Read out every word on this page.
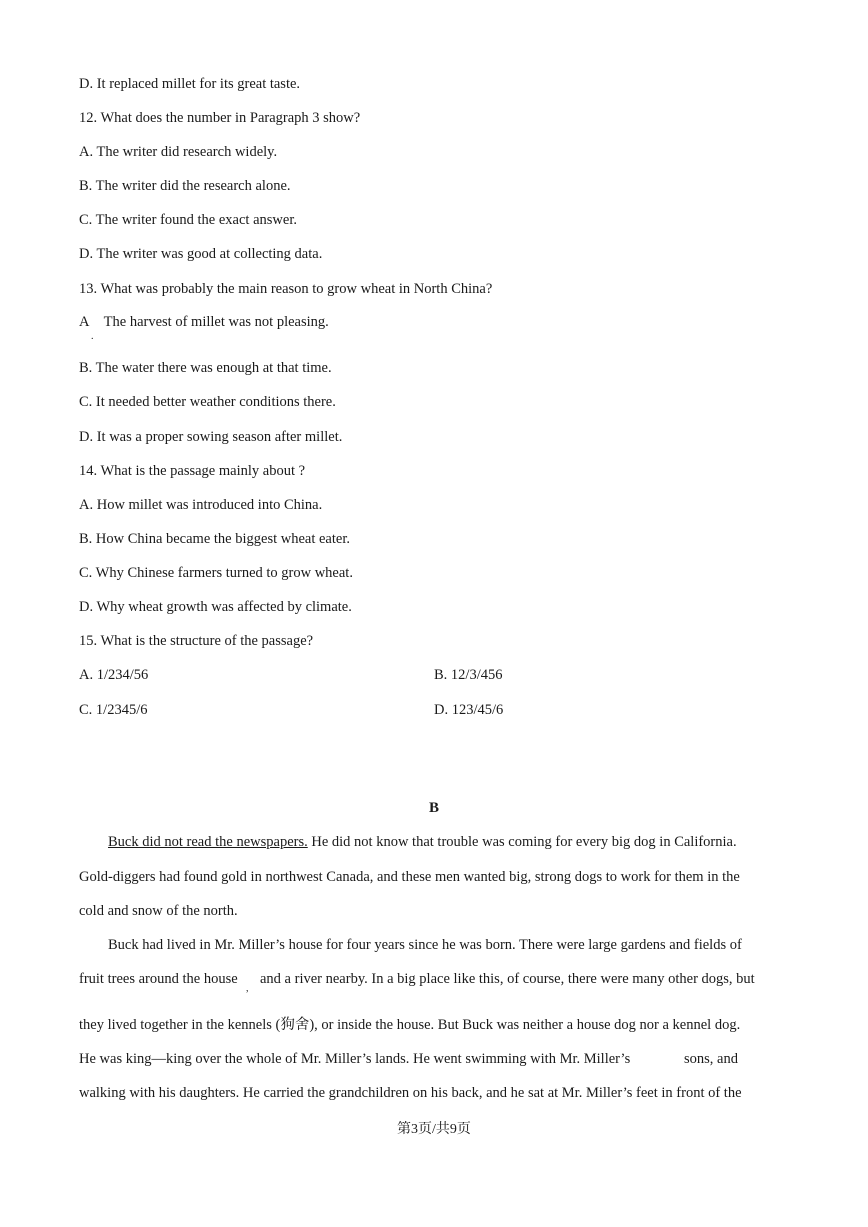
D. It replaced millet for its great taste.
12. What does the number in Paragraph 3 show?
A. The writer did research widely.
B. The writer did the research alone.
C. The writer found the exact answer.
D. The writer was good at collecting data.
13. What was probably the main reason to grow wheat in North China?
A The harvest of millet was not pleasing.
.
B. The water there was enough at that time.
C. It needed better weather conditions there.
D. It was a proper sowing season after millet.
14. What is the passage mainly about ?
A. How millet was introduced into China.
B. How China became the biggest wheat eater.
C. Why Chinese farmers turned to grow wheat.
D. Why wheat growth was affected by climate.
15. What is the structure of the passage?
A. 1/234/56	B. 12/3/456
C. 1/2345/6	D. 123/45/6
B
Buck did not read the newspapers. He did not know that trouble was coming for every big dog in California.
Gold-diggers had found gold in northwest Canada, and these men wanted big, strong dogs to work for them in the
cold and snow of the north.
Buck had lived in Mr. Miller’s house for four years since he was born. There were large gardens and fields of
fruit trees around the house
,
and a river nearby. In a big place like this, of course, there were many other dogs, but
they lived together in the kennels (狗舍), or inside the house. But Buck was neither a house dog nor a kennel dog.
He was king—king over the whole of Mr. Miller’s lands. He went swimming with Mr. Miller’s	sons, and
walking with his daughters. He carried the grandchildren on his back, and he sat at Mr. Miller’s feet in front of the
第3页/共9页
